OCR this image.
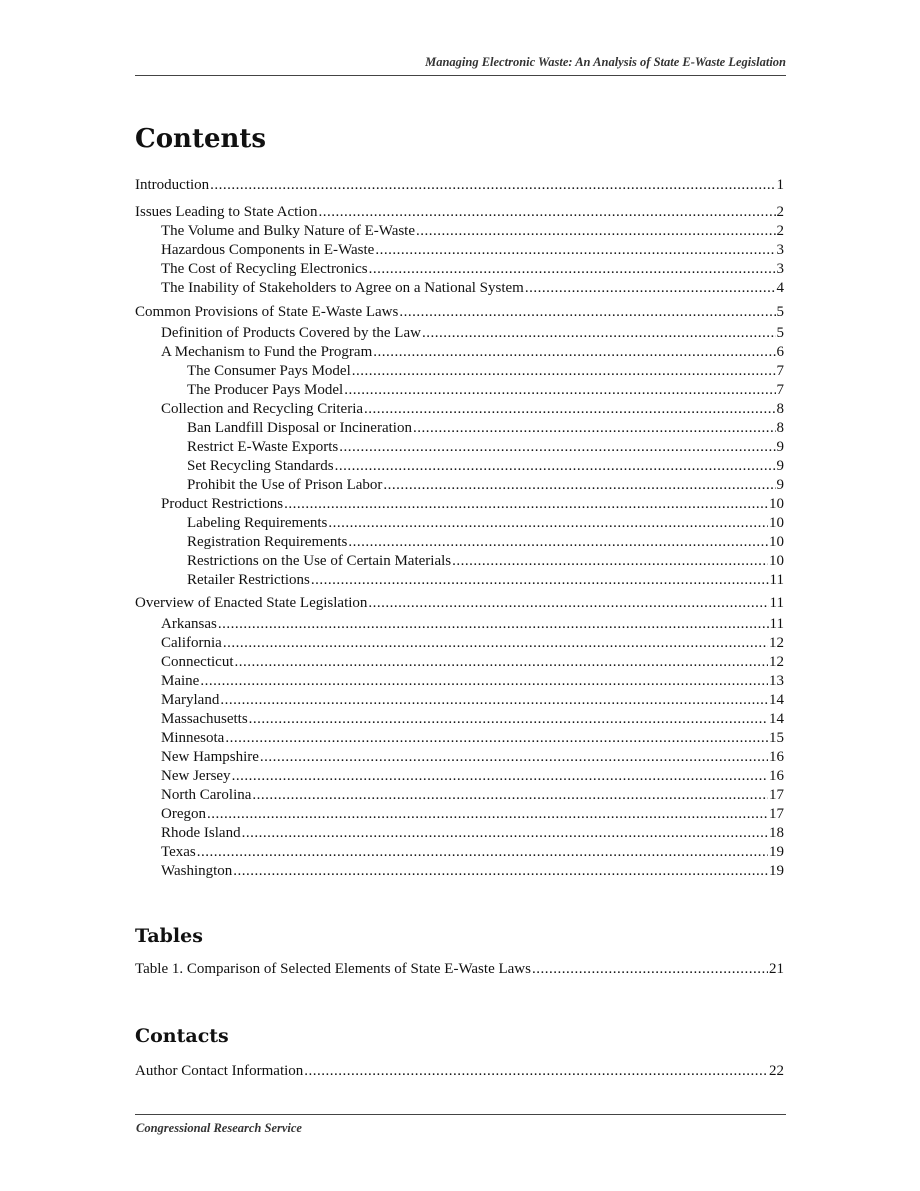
Managing Electronic Waste: An Analysis of State E-Waste Legislation
Contents
Introduction .....	1
Issues Leading to State Action .....	2
The Volume and Bulky Nature of E-Waste .....	2
Hazardous Components in E-Waste .....	3
The Cost of Recycling Electronics .....	3
The Inability of Stakeholders to Agree on a National System .....	4
Common Provisions of State E-Waste Laws .....	5
Definition of Products Covered by the Law .....	5
A Mechanism to Fund the Program .....	6
The Consumer Pays Model .....	7
The Producer Pays Model .....	7
Collection and Recycling Criteria .....	8
Ban Landfill Disposal or Incineration .....	8
Restrict E-Waste Exports .....	9
Set Recycling Standards .....	9
Prohibit the Use of Prison Labor .....	9
Product Restrictions .....	10
Labeling Requirements .....	10
Registration Requirements .....	10
Restrictions on the Use of Certain Materials .....	10
Retailer Restrictions .....	11
Overview of Enacted State Legislation .....	11
Arkansas .....	11
California .....	12
Connecticut .....	12
Maine .....	13
Maryland .....	14
Massachusetts .....	14
Minnesota .....	15
New Hampshire .....	16
New Jersey .....	16
North Carolina .....	17
Oregon .....	17
Rhode Island .....	18
Texas .....	19
Washington .....	19
Tables
Table 1. Comparison of Selected Elements of State E-Waste Laws .....	21
Contacts
Author Contact Information .....	22
Congressional Research Service
